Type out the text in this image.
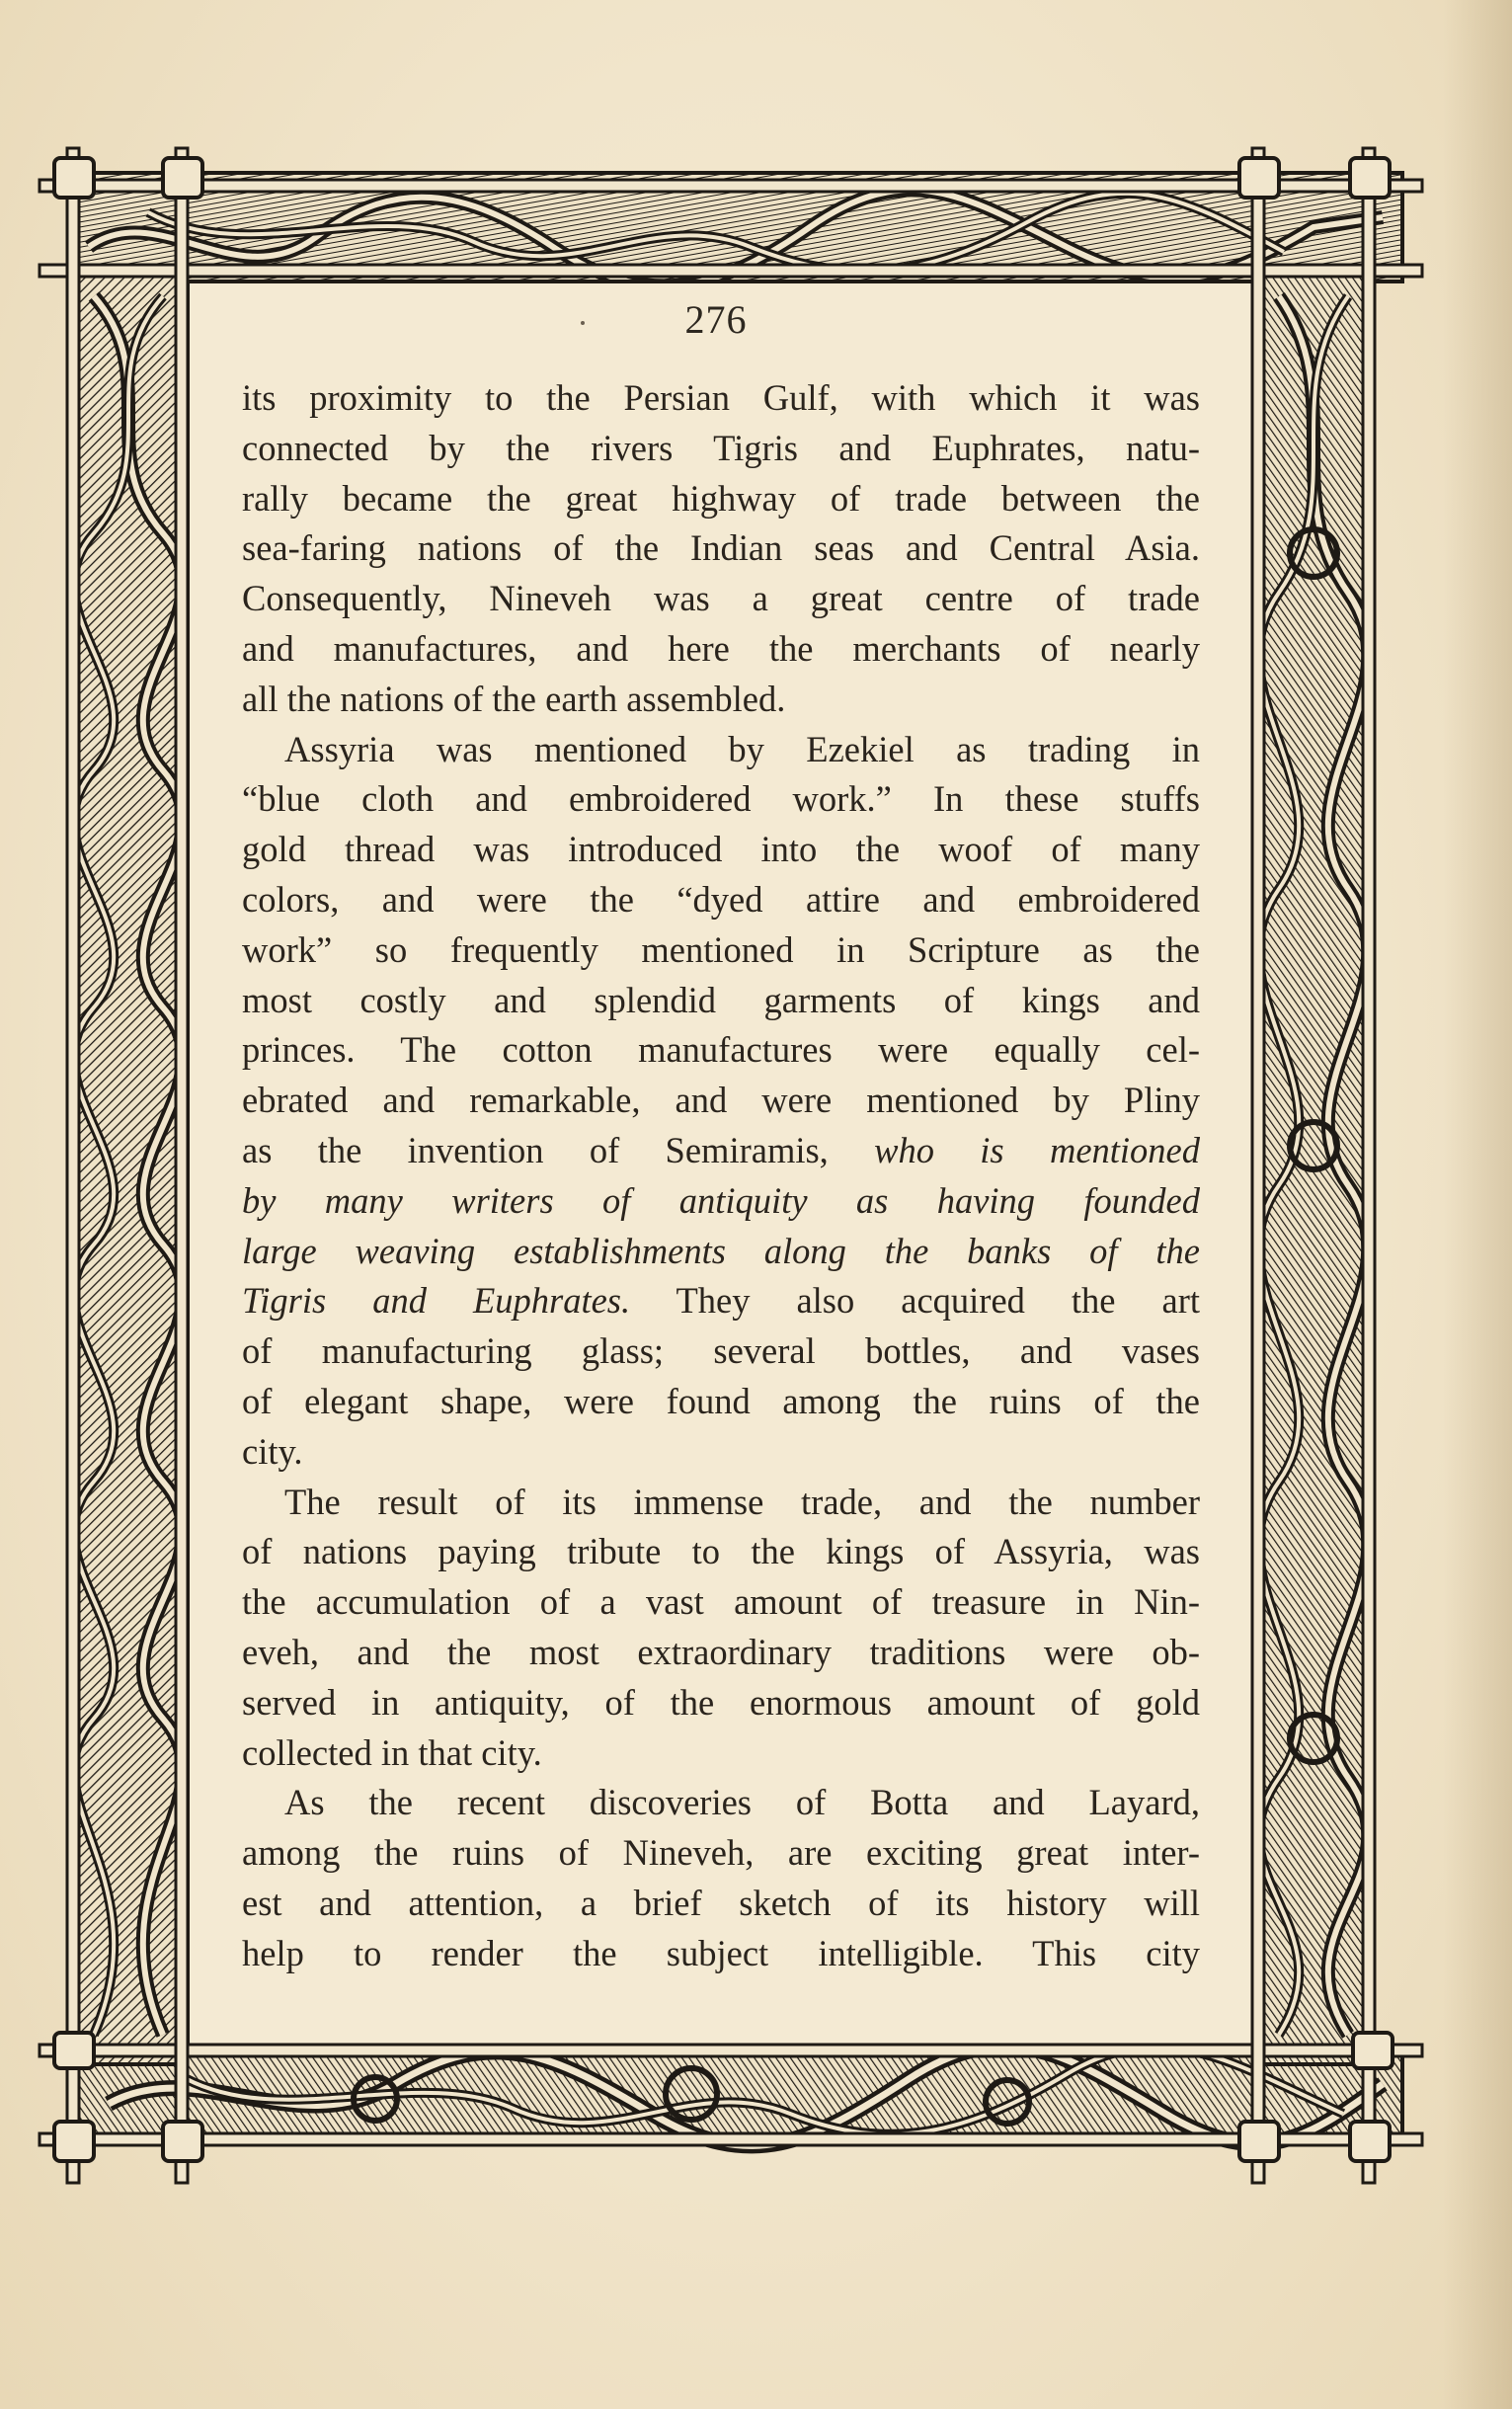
276
its proximity to the Persian Gulf, with which it was
connected by the rivers Tigris and Euphrates, natu-
rally became the great highway of trade between the
sea-faring nations of the Indian seas and Central Asia.
Consequently, Nineveh was a great centre of trade
and manufactures, and here the merchants of nearly
all the nations of the earth assembled.
Assyria was mentioned by Ezekiel as trading in
“blue cloth and embroidered work.” In these stuffs
gold thread was introduced into the woof of many
colors, and were the “dyed attire and embroidered
work” so frequently mentioned in Scripture as the
most costly and splendid garments of kings and
princes. The cotton manufactures were equally cel-
ebrated and remarkable, and were mentioned by Pliny
as the invention of Semiramis, who is mentioned
by many writers of antiquity as having founded
large weaving establishments along the banks of the
Tigris and Euphrates. They also acquired the art
of manufacturing glass; several bottles, and vases
of elegant shape, were found among the ruins of the
city.
The result of its immense trade, and the number
of nations paying tribute to the kings of Assyria, was
the accumulation of a vast amount of treasure in Nin-
eveh, and the most extraordinary traditions were ob-
served in antiquity, of the enormous amount of gold
collected in that city.
As the recent discoveries of Botta and Layard,
among the ruins of Nineveh, are exciting great inter-
est and attention, a brief sketch of its history will
help to render the subject intelligible. This city
